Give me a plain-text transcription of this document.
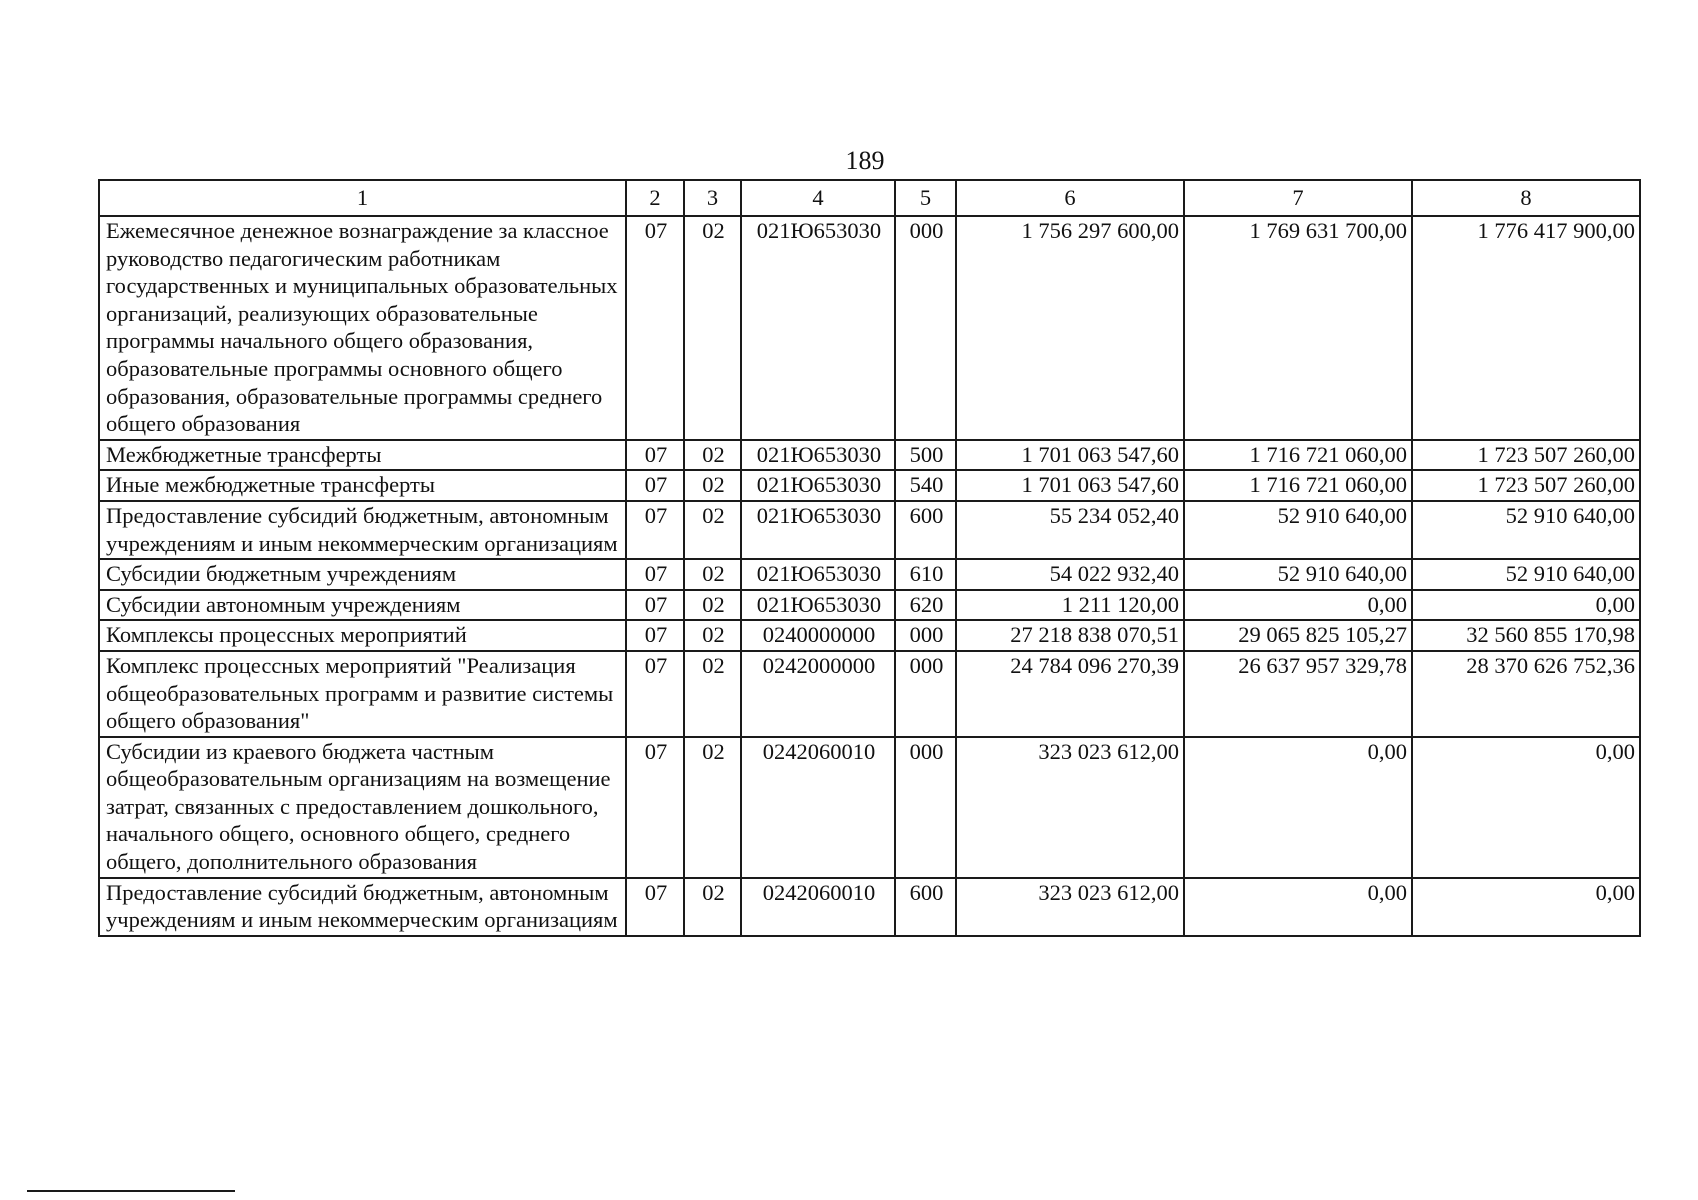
189
1	2	3	4	5	6	7	8
Ежемесячное денежное вознаграждение за классное руководство педагогическим работникам государственных и муниципальных образовательных организаций, реализующих образовательные программы начального общего образования, образовательные программы основного общего образования, образовательные программы среднего общего образования	07	02	021Ю653030	000	1 756 297 600,00	1 769 631 700,00	1 776 417 900,00
Межбюджетные трансферты	07	02	021Ю653030	500	1 701 063 547,60	1 716 721 060,00	1 723 507 260,00
Иные межбюджетные трансферты	07	02	021Ю653030	540	1 701 063 547,60	1 716 721 060,00	1 723 507 260,00
Предоставление субсидий бюджетным, автономным учреждениям и иным некоммерческим организациям	07	02	021Ю653030	600	55 234 052,40	52 910 640,00	52 910 640,00
Субсидии бюджетным учреждениям	07	02	021Ю653030	610	54 022 932,40	52 910 640,00	52 910 640,00
Субсидии автономным учреждениям	07	02	021Ю653030	620	1 211 120,00	0,00	0,00
Комплексы процессных мероприятий	07	02	0240000000	000	27 218 838 070,51	29 065 825 105,27	32 560 855 170,98
Комплекс процессных мероприятий "Реализация общеобразовательных программ и развитие системы общего образования"	07	02	0242000000	000	24 784 096 270,39	26 637 957 329,78	28 370 626 752,36
Субсидии из краевого бюджета частным общеобразовательным организациям на возмещение затрат, связанных с предоставлением дошкольного, начального общего, основного общего, среднего общего, дополнительного образования	07	02	0242060010	000	323 023 612,00	0,00	0,00
Предоставление субсидий бюджетным, автономным учреждениям и иным некоммерческим организациям	07	02	0242060010	600	323 023 612,00	0,00	0,00
